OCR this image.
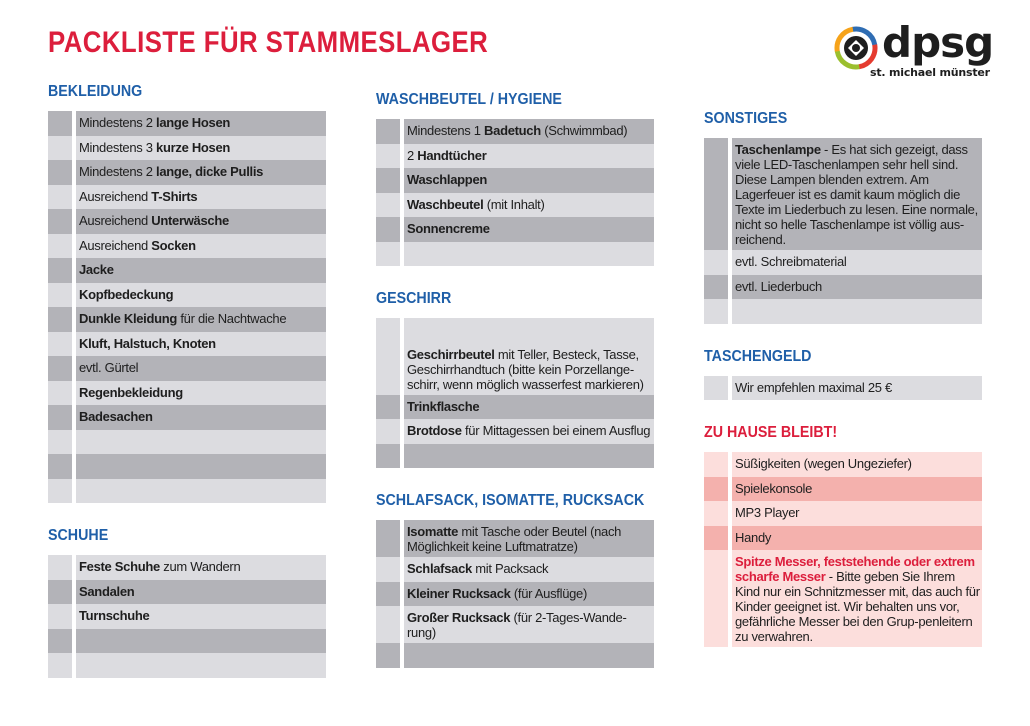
PACKLISTE FÜR STAMMESLAGER	dpsg
st. michael münster
BEKLEIDUNG
Mindestens 2 lange Hosen
Mindestens 3 kurze Hosen
Mindestens 2 lange, dicke Pullis
Ausreichend T-Shirts
Ausreichend Unterwäsche
Ausreichend Socken
Jacke
Kopfbedeckung
Dunkle Kleidung für die Nachtwache
Kluft, Halstuch, Knoten
evtl. Gürtel
Regenbekleidung
Badesachen
SCHUHE
Feste Schuhe zum Wandern
Sandalen
Turnschuhe
WASCHBEUTEL / HYGIENE
Mindestens 1 Badetuch (Schwimmbad)
2 Handtücher
Waschlappen
Waschbeutel (mit Inhalt)
Sonnencreme
GESCHIRR
Geschirrbeutel mit Teller, Besteck, Tasse, Geschirrhandtuch (bitte kein Porzellange-schirr, wenn möglich wasserfest markieren)
Trinkflasche
Brotdose für Mittagessen bei einem Ausflug
SCHLAFSACK, ISOMATTE, RUCKSACK
Isomatte mit Tasche oder Beutel (nach Möglichkeit keine Luftmatratze)
Schlafsack mit Packsack
Kleiner Rucksack (für Ausflüge)
Großer Rucksack (für 2-Tages-Wande-rung)
SONSTIGES
Taschenlampe - Es hat sich gezeigt, dass viele LED-Taschenlampen sehr hell sind. Diese Lampen blenden extrem. Am Lagerfeuer ist es damit kaum möglich die Texte im Liederbuch zu lesen. Eine normale, nicht so helle Taschenlampe ist völlig aus-reichend.
evtl. Schreibmaterial
evtl. Liederbuch
TASCHENGELD
Wir empfehlen maximal 25 €
ZU HAUSE BLEIBT!
Süßigkeiten (wegen Ungeziefer)
Spielekonsole
MP3 Player
Handy
Spitze Messer, feststehende oder extrem scharfe Messer - Bitte geben Sie Ihrem Kind nur ein Schnitzmesser mit, das auch für Kinder geeignet ist. Wir behalten uns vor, gefährliche Messer bei den Grup-penleitern zu verwahren.
